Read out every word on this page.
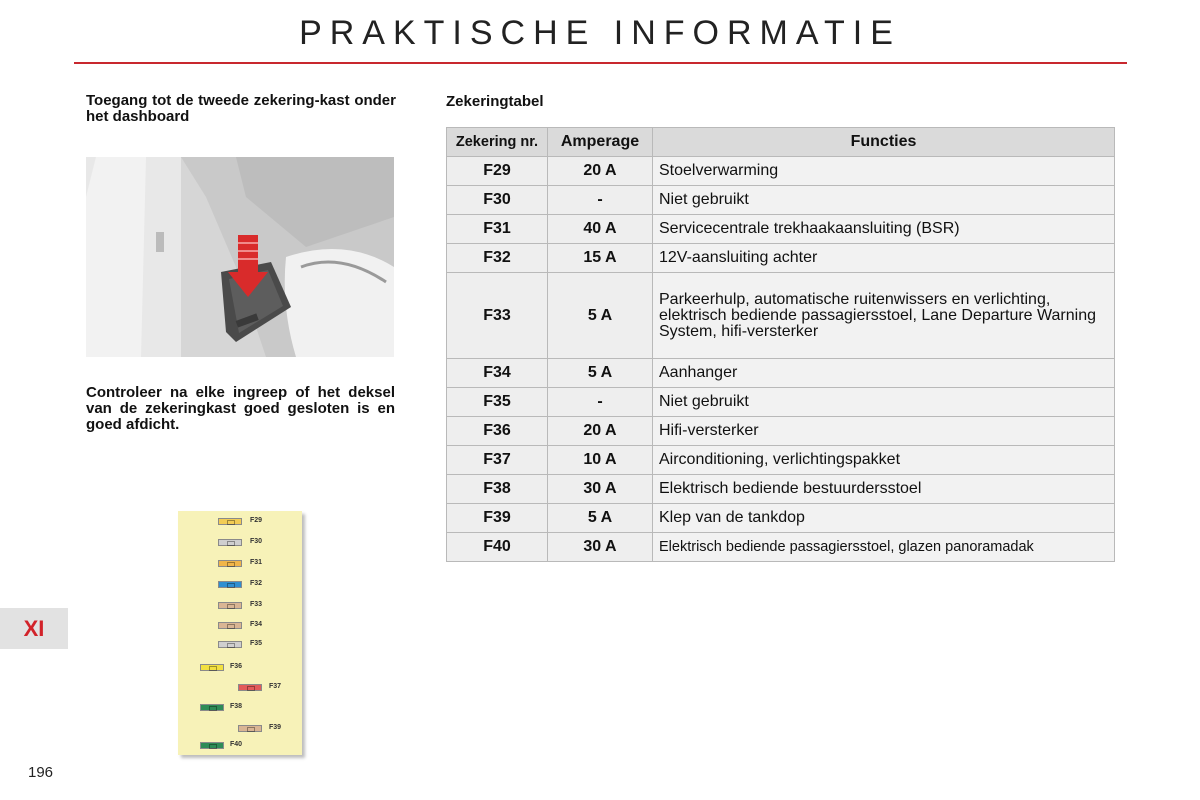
PRAKTISCHE INFORMATIE
Toegang tot de tweede zekering-kast onder het dashboard
Controleer na elke ingreep of het deksel van de zekeringkast goed gesloten is en goed afdicht.
F29
F30
F31
F32
F33
F34
F35
F36
F37
F38
F39
F40
Zekeringtabel
Zekering nr.	Amperage	Functies
F29	20 A	Stoelverwarming
F30	-	Niet gebruikt
F31	40 A	Servicecentrale trekhaakaansluiting (BSR)
F32	15 A	12V-aansluiting achter
F33	5 A	Parkeerhulp, automatische ruitenwissers en verlichting, elektrisch bediende passagiersstoel, Lane Departure Warning System, hifi-versterker
F34	5 A	Aanhanger
F35	-	Niet gebruikt
F36	20 A	Hifi-versterker
F37	10 A	Airconditioning, verlichtingspakket
F38	30 A	Elektrisch bediende bestuurdersstoel
F39	5 A	Klep van de tankdop
F40	30 A	Elektrisch bediende passagiersstoel, glazen panoramadak
XI
196
